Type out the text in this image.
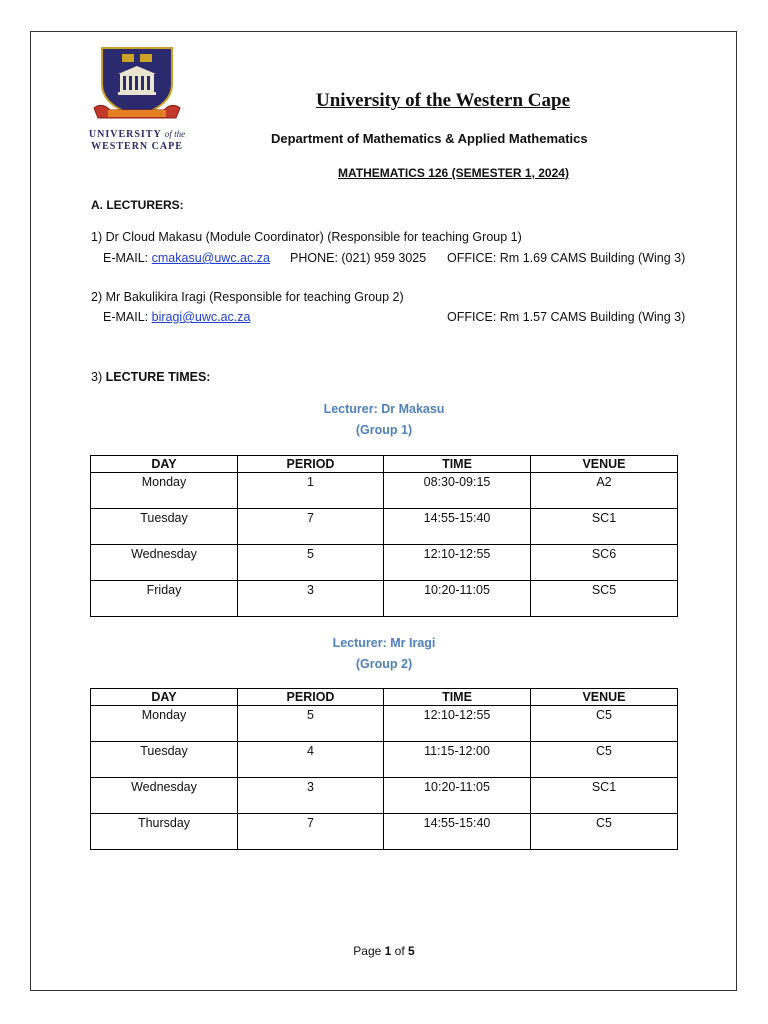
UNIVERSITY of the
WESTERN CAPE
University of the Western Cape
Department of Mathematics & Applied Mathematics
MATHEMATICS 126 (SEMESTER 1, 2024)
A. LECTURERS:
1) Dr Cloud Makasu (Module Coordinator) (Responsible for teaching Group 1)
E-MAIL: cmakasu@uwc.ac.za PHONE: (021) 959 3025 OFFICE: Rm 1.69 CAMS Building (Wing 3)
2) Mr Bakulikira Iragi (Responsible for teaching Group 2)
E-MAIL: biragi@uwc.ac.za	OFFICE: Rm 1.57 CAMS Building (Wing 3)
3) LECTURE TIMES:
Lecturer: Dr Makasu
(Group 1)
DAY	PERIOD	TIME	VENUE
Monday	1	08:30-09:15	A2
Tuesday	7	14:55-15:40	SC1
Wednesday	5	12:10-12:55	SC6
Friday	3	10:20-11:05	SC5
Lecturer: Mr Iragi
(Group 2)
DAY	PERIOD	TIME	VENUE
Monday	5	12:10-12:55	C5
Tuesday	4	11:15-12:00	C5
Wednesday	3	10:20-11:05	SC1
Thursday	7	14:55-15:40	C5
Page 1 of 5
